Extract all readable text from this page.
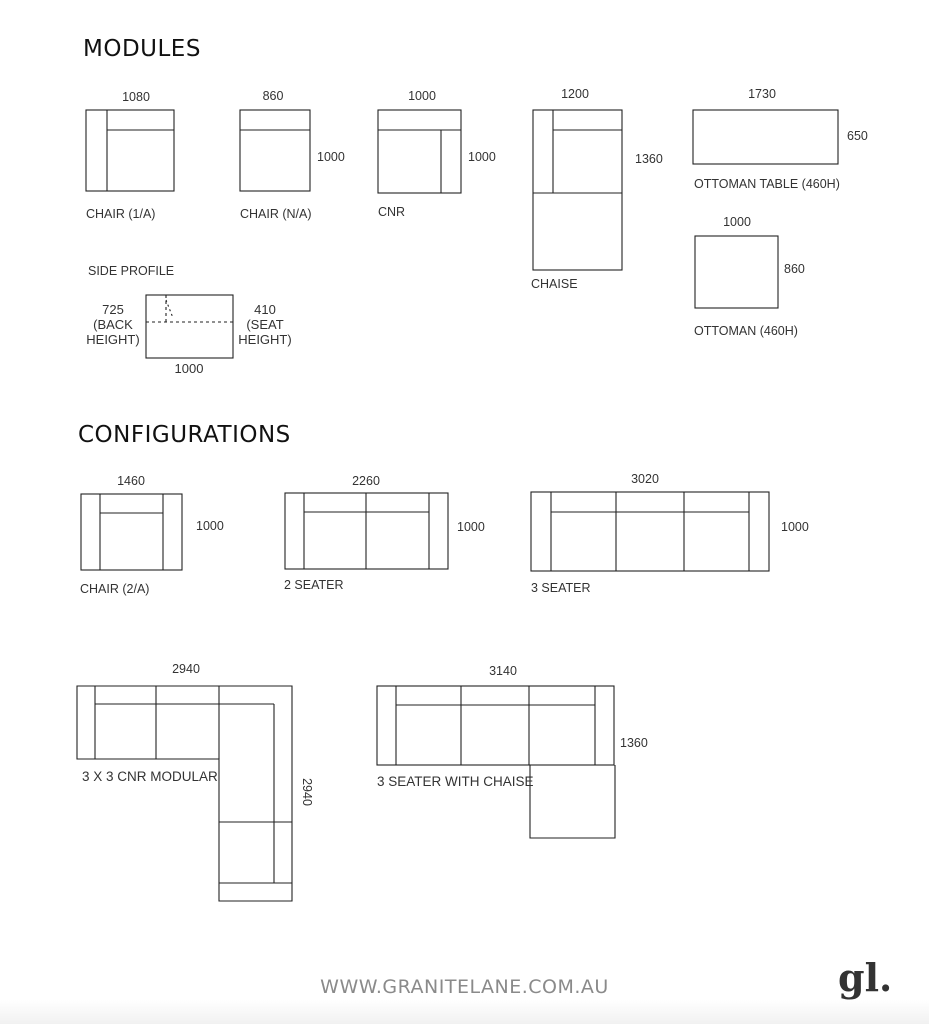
MODULES
CONFIGURATIONS
1080
CHAIR (1/A)
860
1000
CHAIR (N/A)
1000
1000
CNR
1200
1360
CHAISE
1730
650
OTTOMAN TABLE (460H)
1000
860
OTTOMAN (460H)
SIDE PROFILE
725
(BACK
HEIGHT)
410
(SEAT
HEIGHT)
1000
1460
1000
CHAIR (2/A)
2260
1000
2 SEATER
3020
1000
3 SEATER
2940
2940
3 X 3 CNR MODULAR
3140
1360
3 SEATER WITH CHAISE
WWW.GRANITELANE.COM.AU	gl.
